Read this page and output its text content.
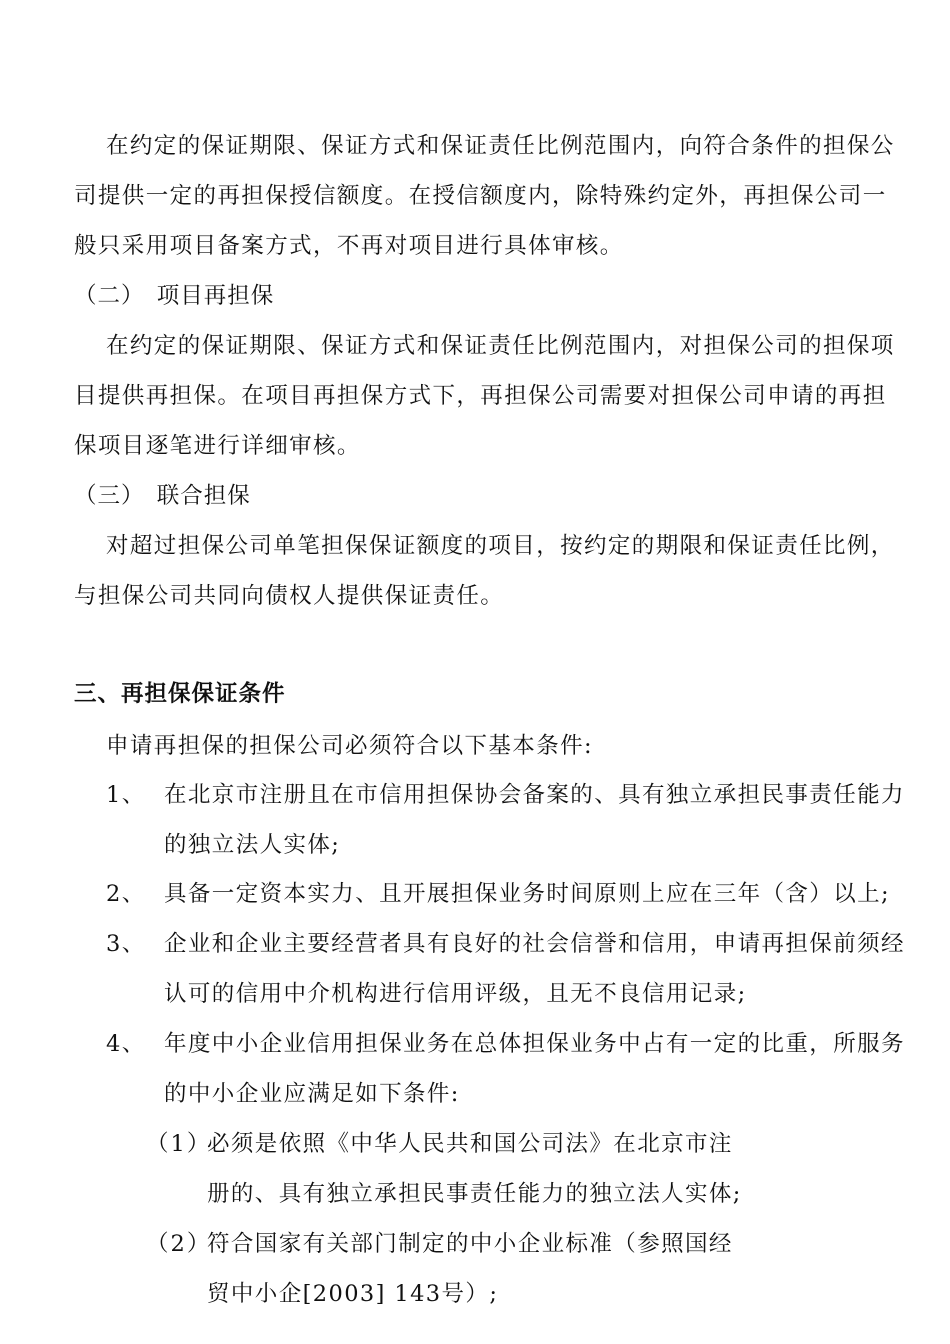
在约定的保证期限、保证方式和保证责任比例范围内，向符合条件的担保公
司提供一定的再担保授信额度。在授信额度内，除特殊约定外，再担保公司一
般只采用项目备案方式，不再对项目进行具体审核。
（二）　项目再担保
在约定的保证期限、保证方式和保证责任比例范围内，对担保公司的担保项
目提供再担保。在项目再担保方式下，再担保公司需要对担保公司申请的再担
保项目逐笔进行详细审核。
（三）　联合担保
对超过担保公司单笔担保保证额度的项目，按约定的期限和保证责任比例，
与担保公司共同向债权人提供保证责任。
三、再担保保证条件
申请再担保的担保公司必须符合以下基本条件:
1、 在北京市注册且在市信用担保协会备案的、具有独立承担民事责任能力
的独立法人实体;
2、 具备一定资本实力、且开展担保业务时间原则上应在三年（含）以上;
3、 企业和企业主要经营者具有良好的社会信誉和信用，申请再担保前须经
认可的信用中介机构进行信用评级，且无不良信用记录;
4、 年度中小企业信用担保业务在总体担保业务中占有一定的比重，所服务
的中小企业应满足如下条件:
（1）
必须是依照《中华人民共和国公司法》在北京市注
册的、具有独立承担民事责任能力的独立法人实体;
（2）
符合国家有关部门制定的中小企业标准（参照国经
贸中小企[2003] 143号）;
